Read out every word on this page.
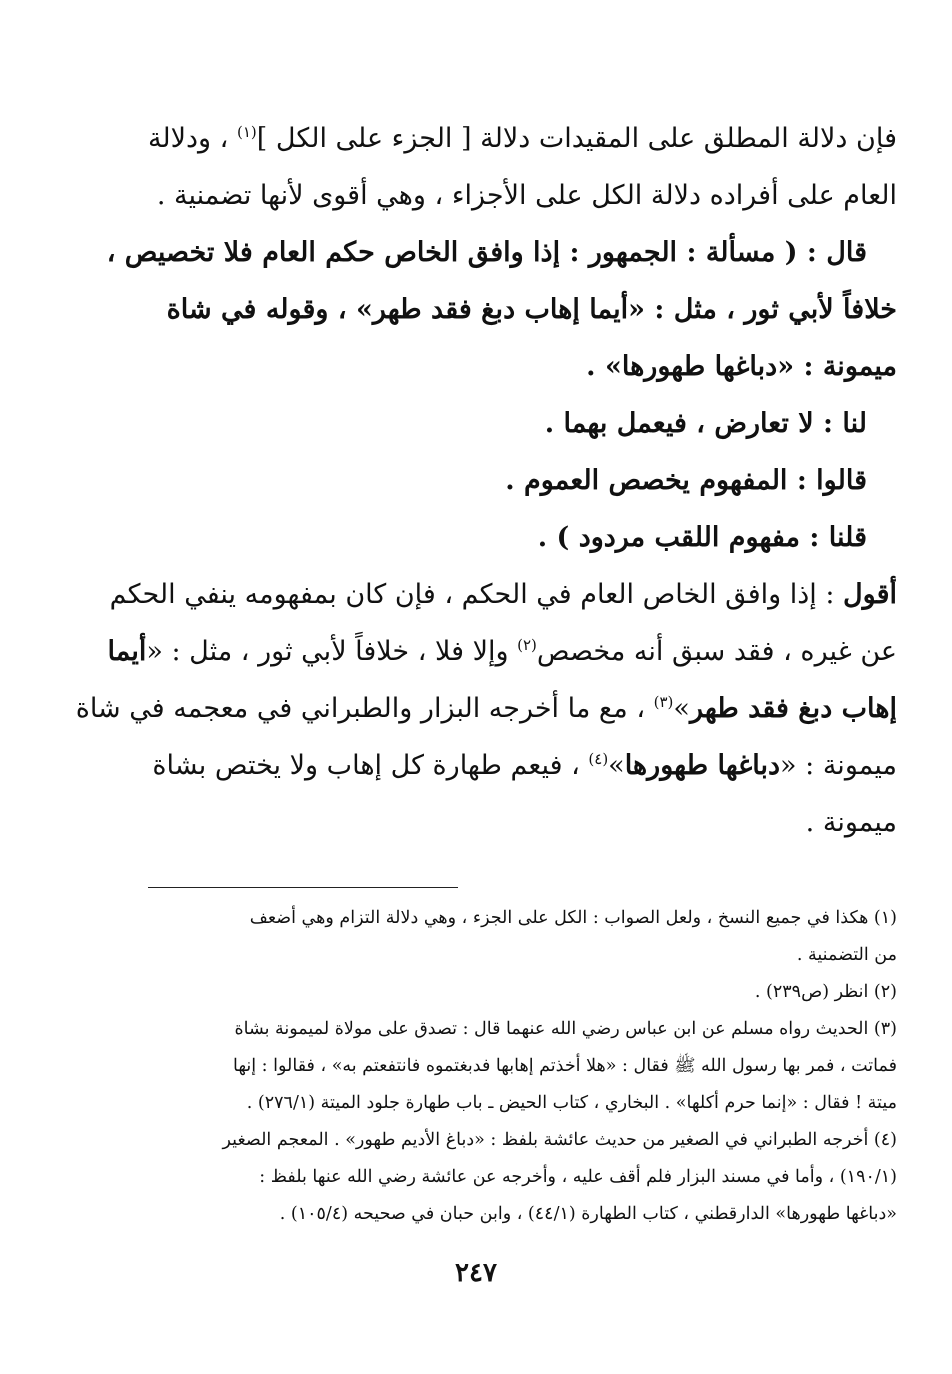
فإن دلالة المطلق على المقيدات دلالة [ الجزء على الكل ]$^{(١)}$ ، ودلالة
العام على أفراده دلالة الكل على الأجزاء ، وهي أقوى لأنها تضمنية .
قال : ( مسألة : الجمهور : إذا وافق الخاص حكم العام فلا تخصيص ،
خلافاً لأبي ثور ، مثل : «أيما إهاب دبغ فقد طهر» ، وقوله في شاة
ميمونة : «دباغها طهورها» .
لنا : لا تعارض ، فيعمل بهما .
قالوا : المفهوم يخصص العموم .
قلنا : مفهوم اللقب مردود ) .
أقول : إذا وافق الخاص العام في الحكم ، فإن كان بمفهومه ينفي الحكم
عن غيره ، فقد سبق أنه مخصص$^{(٢)}$ وإلا فلا ، خلافاً لأبي ثور ، مثل : «أيما
إهاب دبغ فقد طهر»$^{(٣)}$ ، مع ما أخرجه البزار والطبراني في معجمه في شاة
ميمونة : «دباغها طهورها»$^{(٤)}$ ، فيعم طهارة كل إهاب ولا يختص بشاة
ميمونة .
(١) هكذا في جميع النسخ ، ولعل الصواب : الكل على الجزء ، وهي دلالة التزام وهي أضعف
من التضمنية .
(٢) انظر (ص٢٣٩) .
(٣) الحديث رواه مسلم عن ابن عباس رضي الله عنهما قال : تصدق على مولاة لميمونة بشاة
فماتت ، فمر بها رسول الله ﷺ فقال : «هلا أخذتم إهابها فدبغتموه فانتفعتم به» ، فقالوا : إنها
ميتة ! فقال : «إنما حرم أكلها» . البخاري ، كتاب الحيض ـ باب طهارة جلود الميتة (٢٧٦/١) .
(٤) أخرجه الطبراني في الصغير من حديث عائشة بلفظ : «دباغ الأديم طهور» . المعجم الصغير
(١٩٠/١) ، وأما في مسند البزار فلم أقف عليه ، وأخرجه عن عائشة رضي الله عنها بلفظ :
«دباغها طهورها» الدارقطني ، كتاب الطهارة (٤٤/١) ، وابن حبان في صحيحه (١٠٥/٤) .
٢٤٧
